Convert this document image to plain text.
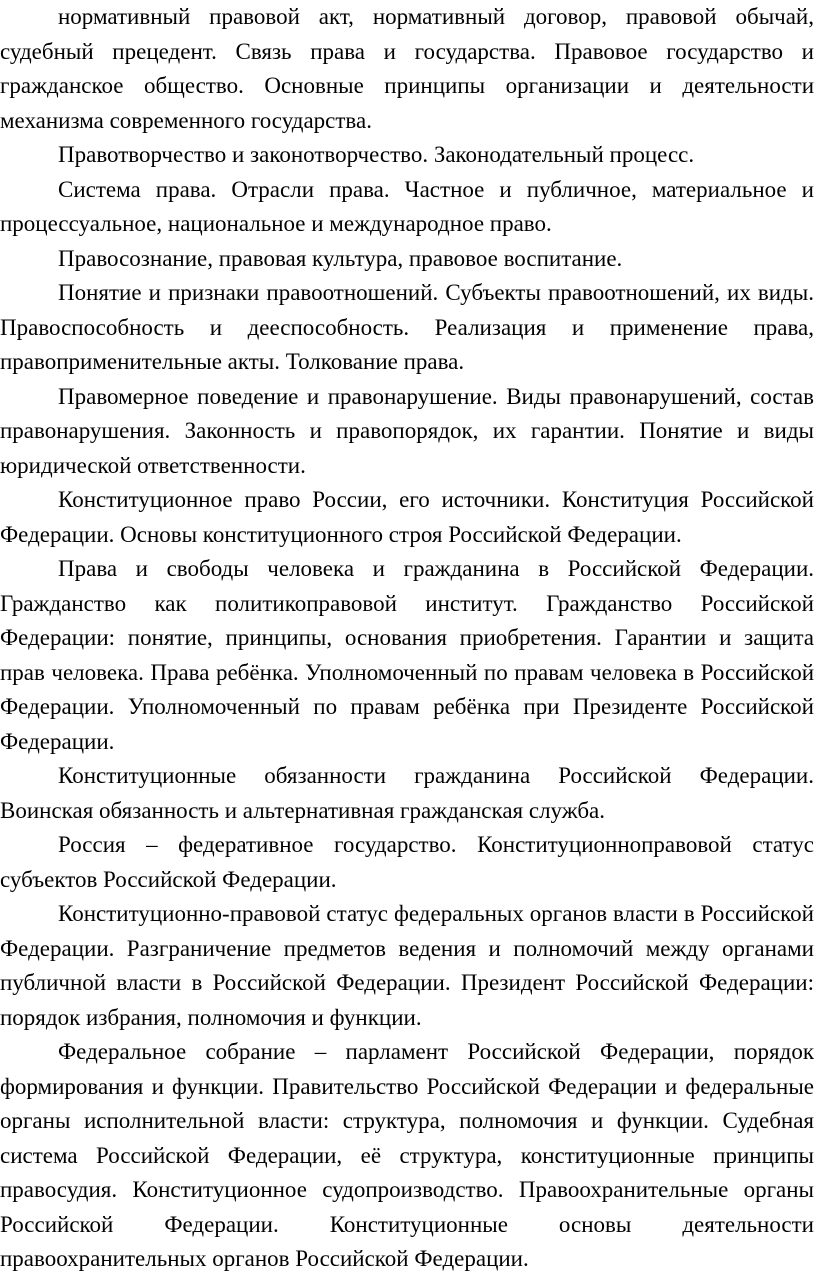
нормативный правовой акт, нормативный договор, правовой обычай, судебный прецедент. Связь права и государства. Правовое государство и гражданское общество. Основные принципы организации и деятельности механизма современного государства.

Правотворчество и законотворчество. Законодательный процесс.

Система права. Отрасли права. Частное и публичное, материальное и процессуальное, национальное и международное право.

Правосознание, правовая культура, правовое воспитание.

Понятие и признаки правоотношений. Субъекты правоотношений, их виды. Правоспособность и дееспособность. Реализация и применение права, правоприменительные акты. Толкование права.

Правомерное поведение и правонарушение. Виды правонарушений, состав правонарушения. Законность и правопорядок, их гарантии. Понятие и виды юридической ответственности.

Конституционное право России, его источники. Конституция Российской Федерации. Основы конституционного строя Российской Федерации.

Права и свободы человека и гражданина в Российской Федерации. Гражданство как политикоправовой институт. Гражданство Российской Федерации: понятие, принципы, основания приобретения. Гарантии и защита прав человека. Права ребёнка. Уполномоченный по правам человека в Российской Федерации. Уполномоченный по правам ребёнка при Президенте Российской Федерации.

Конституционные обязанности гражданина Российской Федерации. Воинская обязанность и альтернативная гражданская служба.

Россия – федеративное государство. Конституционноправовой статус субъектов Российской Федерации.

Конституционно-правовой статус федеральных органов власти в Российской Федерации. Разграничение предметов ведения и полномочий между органами публичной власти в Российской Федерации. Президент Российской Федерации: порядок избрания, полномочия и функции.

Федеральное собрание – парламент Российской Федерации, порядок формирования и функции. Правительство Российской Федерации и федеральные органы исполнительной власти: структура, полномочия и функции. Судебная система Российской Федерации, её структура, конституционные принципы правосудия. Конституционное судопроизводство. Правоохранительные органы Российской Федерации. Конституционные основы деятельности правоохранительных органов Российской Федерации.
